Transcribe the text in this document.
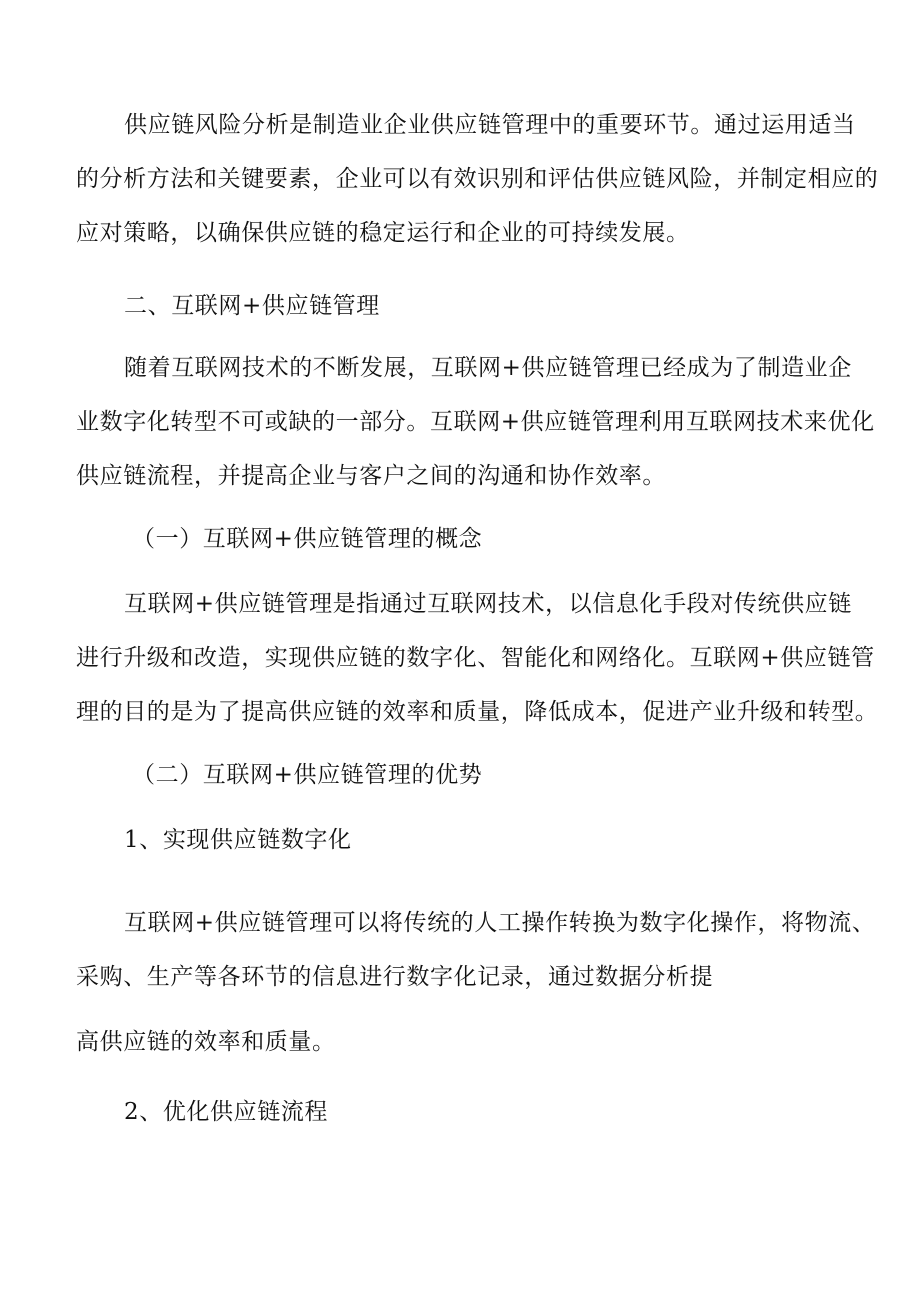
供应链风险分析是制造业企业供应链管理中的重要环节。通过运用适当
的分析方法和关键要素，企业可以有效识别和评估供应链风险，并制定相应的
应对策略，以确保供应链的稳定运行和企业的可持续发展。
二、互联网+供应链管理
随着互联网技术的不断发展，互联网+供应链管理已经成为了制造业企
业数字化转型不可或缺的一部分。互联网+供应链管理利用互联网技术来优化
供应链流程，并提高企业与客户之间的沟通和协作效率。
（一）互联网+供应链管理的概念
互联网+供应链管理是指通过互联网技术，以信息化手段对传统供应链
进行升级和改造，实现供应链的数字化、智能化和网络化。互联网+供应链管
理的目的是为了提高供应链的效率和质量，降低成本，促进产业升级和转型。
（二）互联网+供应链管理的优势
1、实现供应链数字化
互联网+供应链管理可以将传统的人工操作转换为数字化操作，将物流、
采购、生产等各环节的信息进行数字化记录，通过数据分析提
高供应链的效率和质量。
2、优化供应链流程
